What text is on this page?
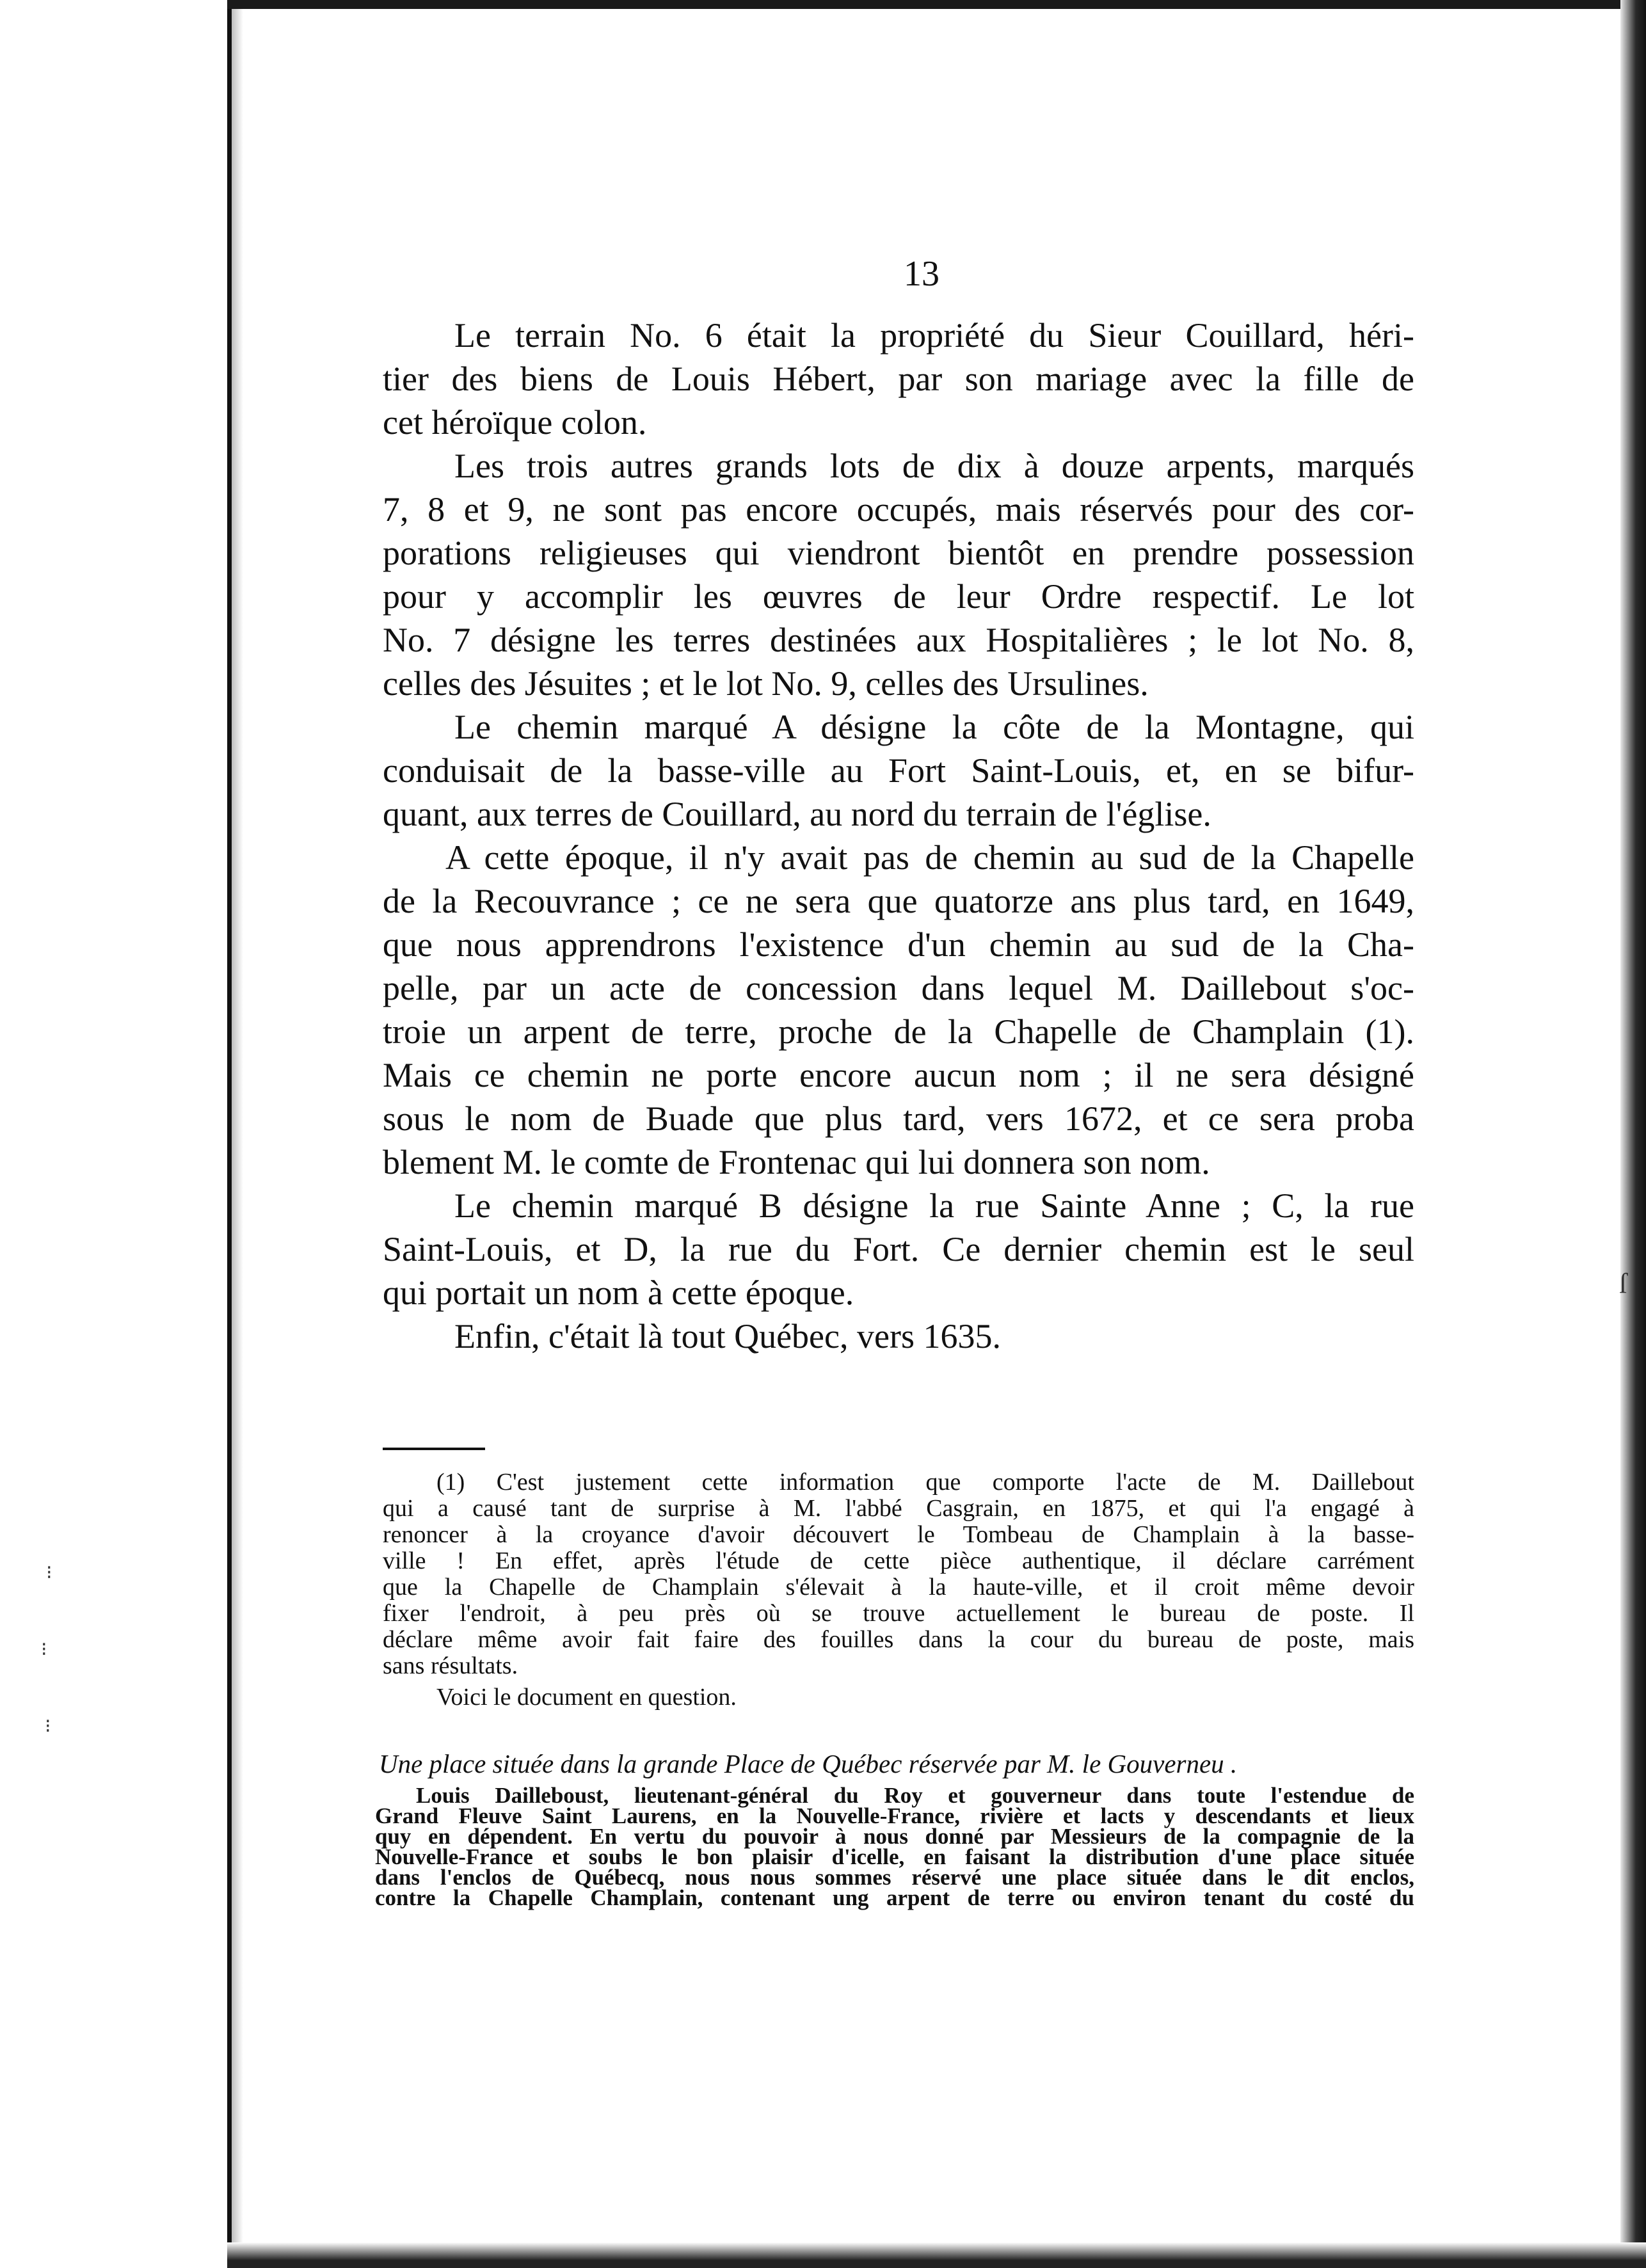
⁝
⁝
⁝
ſ
13
Le terrain No. 6 était la propriété du Sieur Couillard, héri-
tier des biens de Louis Hébert, par son mariage avec la fille de
cet héroïque colon.
Les trois autres grands lots de dix à douze arpents, marqués
7, 8 et 9, ne sont pas encore occupés, mais réservés pour des cor-
porations religieuses qui viendront bientôt en prendre possession
pour y accomplir les œuvres de leur Ordre respectif. Le lot
No. 7 désigne les terres destinées aux Hospitalières ; le lot No. 8,
celles des Jésuites ; et le lot No. 9, celles des Ursulines.
Le chemin marqué A désigne la côte de la Montagne, qui
conduisait de la basse-ville au Fort Saint-Louis, et, en se bifur-
quant, aux terres de Couillard, au nord du terrain de l'église.
A cette époque, il n'y avait pas de chemin au sud de la Chapelle
de la Recouvrance ; ce ne sera que quatorze ans plus tard, en 1649,
que nous apprendrons l'existence d'un chemin au sud de la Cha-
pelle, par un acte de concession dans lequel M. Daillebout s'oc-
troie un arpent de terre, proche de la Chapelle de Champlain (1).
Mais ce chemin ne porte encore aucun nom ; il ne sera désigné
sous le nom de Buade que plus tard, vers 1672, et ce sera proba
blement M. le comte de Frontenac qui lui donnera son nom.
Le chemin marqué B désigne la rue Sainte Anne ; C, la rue
Saint-Louis, et D, la rue du Fort. Ce dernier chemin est le seul
qui portait un nom à cette époque.
Enfin, c'était là tout Québec, vers 1635.
(1) C'est justement cette information que comporte l'acte de M. Daillebout
qui a causé tant de surprise à M. l'abbé Casgrain, en 1875, et qui l'a engagé à
renoncer à la croyance d'avoir découvert le Tombeau de Champlain à la basse-
ville ! En effet, après l'étude de cette pièce authentique, il déclare carrément
que la Chapelle de Champlain s'élevait à la haute-ville, et il croit même devoir
fixer l'endroit, à peu près où se trouve actuellement le bureau de poste. Il
déclare même avoir fait faire des fouilles dans la cour du bureau de poste, mais
sans résultats.
Voici le document en question.
Une place située dans la grande Place de Québec réservée par M. le Gouverneu .
Louis Dailleboust, lieutenant-général du Roy et gouverneur dans toute l'estendue de
Grand Fleuve Saint Laurens, en la Nouvelle-France, rivière et lacts y descendants et lieux
quy en dépendent. En vertu du pouvoir à nous donné par Messieurs de la compagnie de la
Nouvelle-France et soubs le bon plaisir d'icelle, en faisant la distribution d'une place située
dans l'enclos de Québecq, nous nous sommes réservé une place située dans le dit enclos,
contre la Chapelle Champlain, contenant ung arpent de terre ou environ tenant du costé du
